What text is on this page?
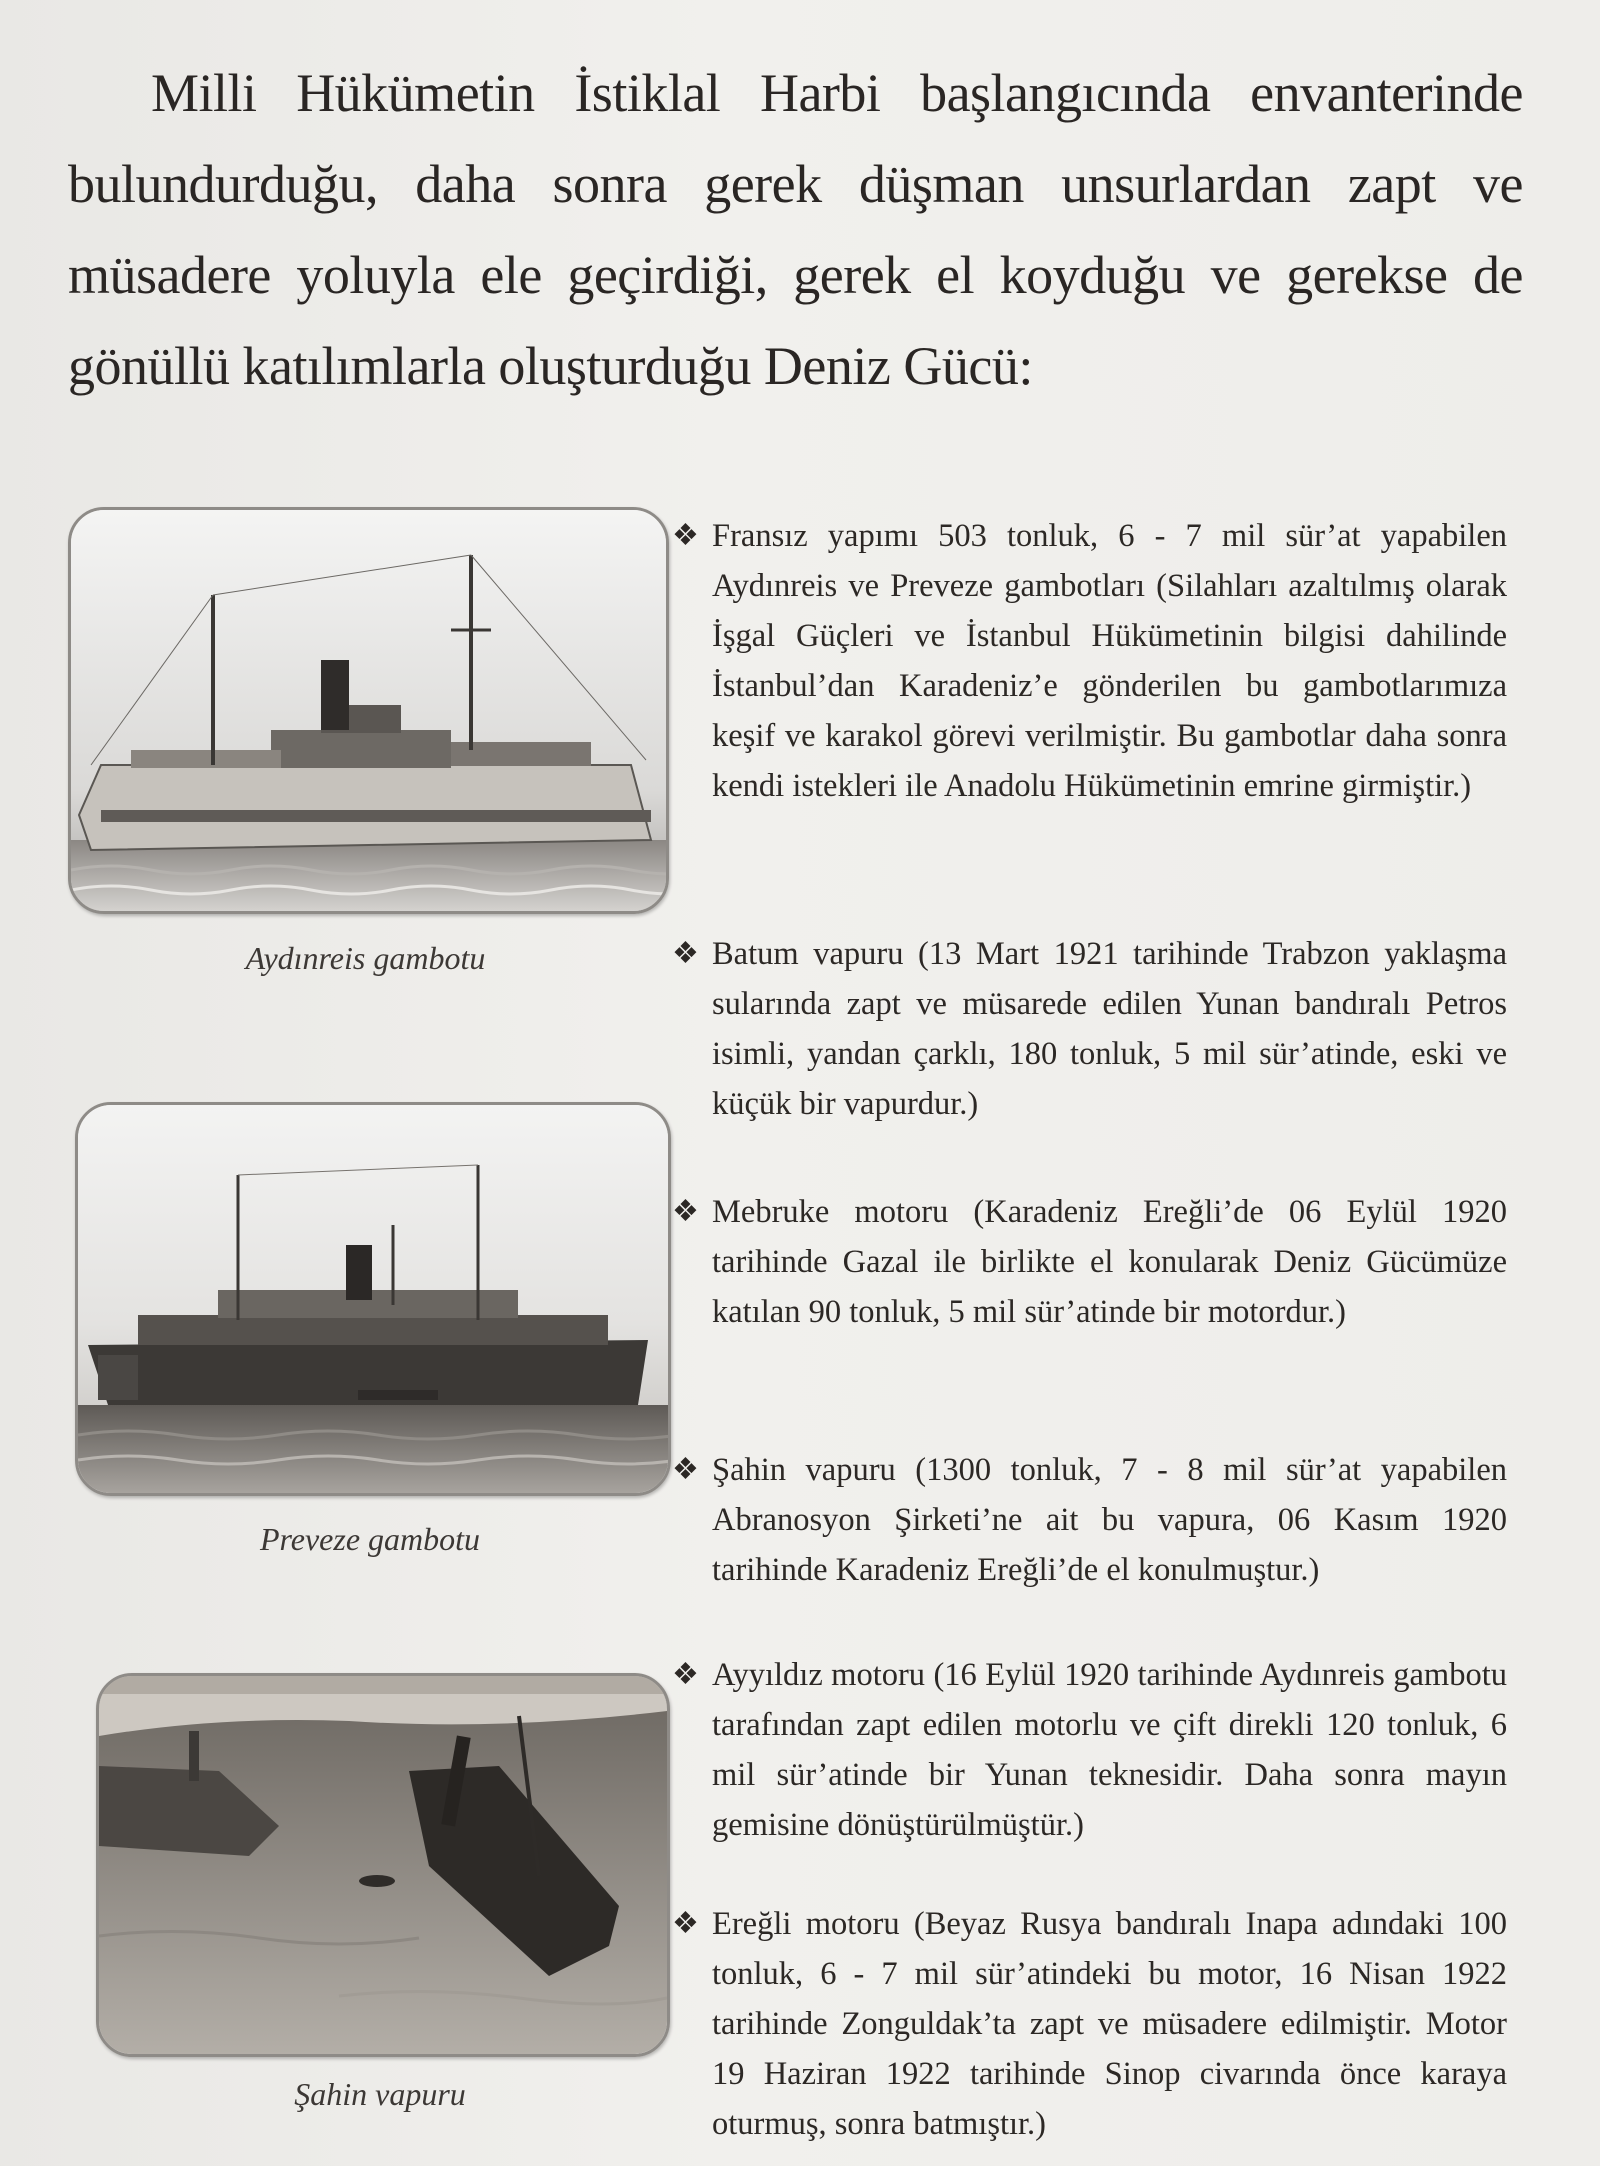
Milli Hükümetin İstiklal Harbi başlangıcında envanterinde bulundurduğu, daha sonra gerek düşman unsurlardan zapt ve müsadere yoluyla ele geçirdiği, gerek el koyduğu ve gerekse de gönüllü katılımlarla oluşturduğu Deniz Gücü:

Aydınreis gambotu
Preveze gambotu
Şahin vapuru
❖ Fransız yapımı 503 tonluk, 6 - 7 mil sür’at yapabilen Aydınreis ve Preveze gambotları (Silahları azaltılmış olarak İşgal Güçleri ve İstanbul Hükümetinin bilgisi dahilinde İstanbul’dan Karadeniz’e gönderilen bu gambotlarımıza keşif ve karakol görevi verilmiştir. Bu gambotlar daha sonra kendi istekleri ile Anadolu Hükümetinin emrine girmiştir.)
❖ Batum vapuru (13 Mart 1921 tarihinde Trabzon yaklaşma sularında zapt ve müsarede edilen Yunan bandıralı Petros isimli, yandan çarklı, 180 tonluk, 5 mil sür’atinde, eski ve küçük bir vapurdur.)
❖ Mebruke motoru (Karadeniz Ereğli’de 06 Eylül 1920 tarihinde Gazal ile birlikte el konularak Deniz Gücümüze katılan 90 tonluk, 5 mil sür’atinde bir motordur.)
❖ Şahin vapuru (1300 tonluk, 7 - 8 mil sür’at yapabilen Abranosyon Şirketi’ne ait bu vapura, 06 Kasım 1920 tarihinde Karadeniz Ereğli’de el konulmuştur.)
❖ Ayyıldız motoru (16 Eylül 1920 tarihinde Aydınreis gambotu tarafından zapt edilen motorlu ve çift direkli 120 tonluk, 6 mil sür’atinde bir Yunan teknesidir. Daha sonra mayın gemisine dönüştürülmüştür.)
❖ Ereğli motoru (Beyaz Rusya bandıralı Inapa adındaki 100 tonluk, 6 - 7 mil sür’atindeki bu motor, 16 Nisan 1922 tarihinde Zonguldak’ta zapt ve müsadere edilmiştir. Motor 19 Haziran 1922 tarihinde Sinop civarında önce karaya oturmuş, sonra batmıştır.)
